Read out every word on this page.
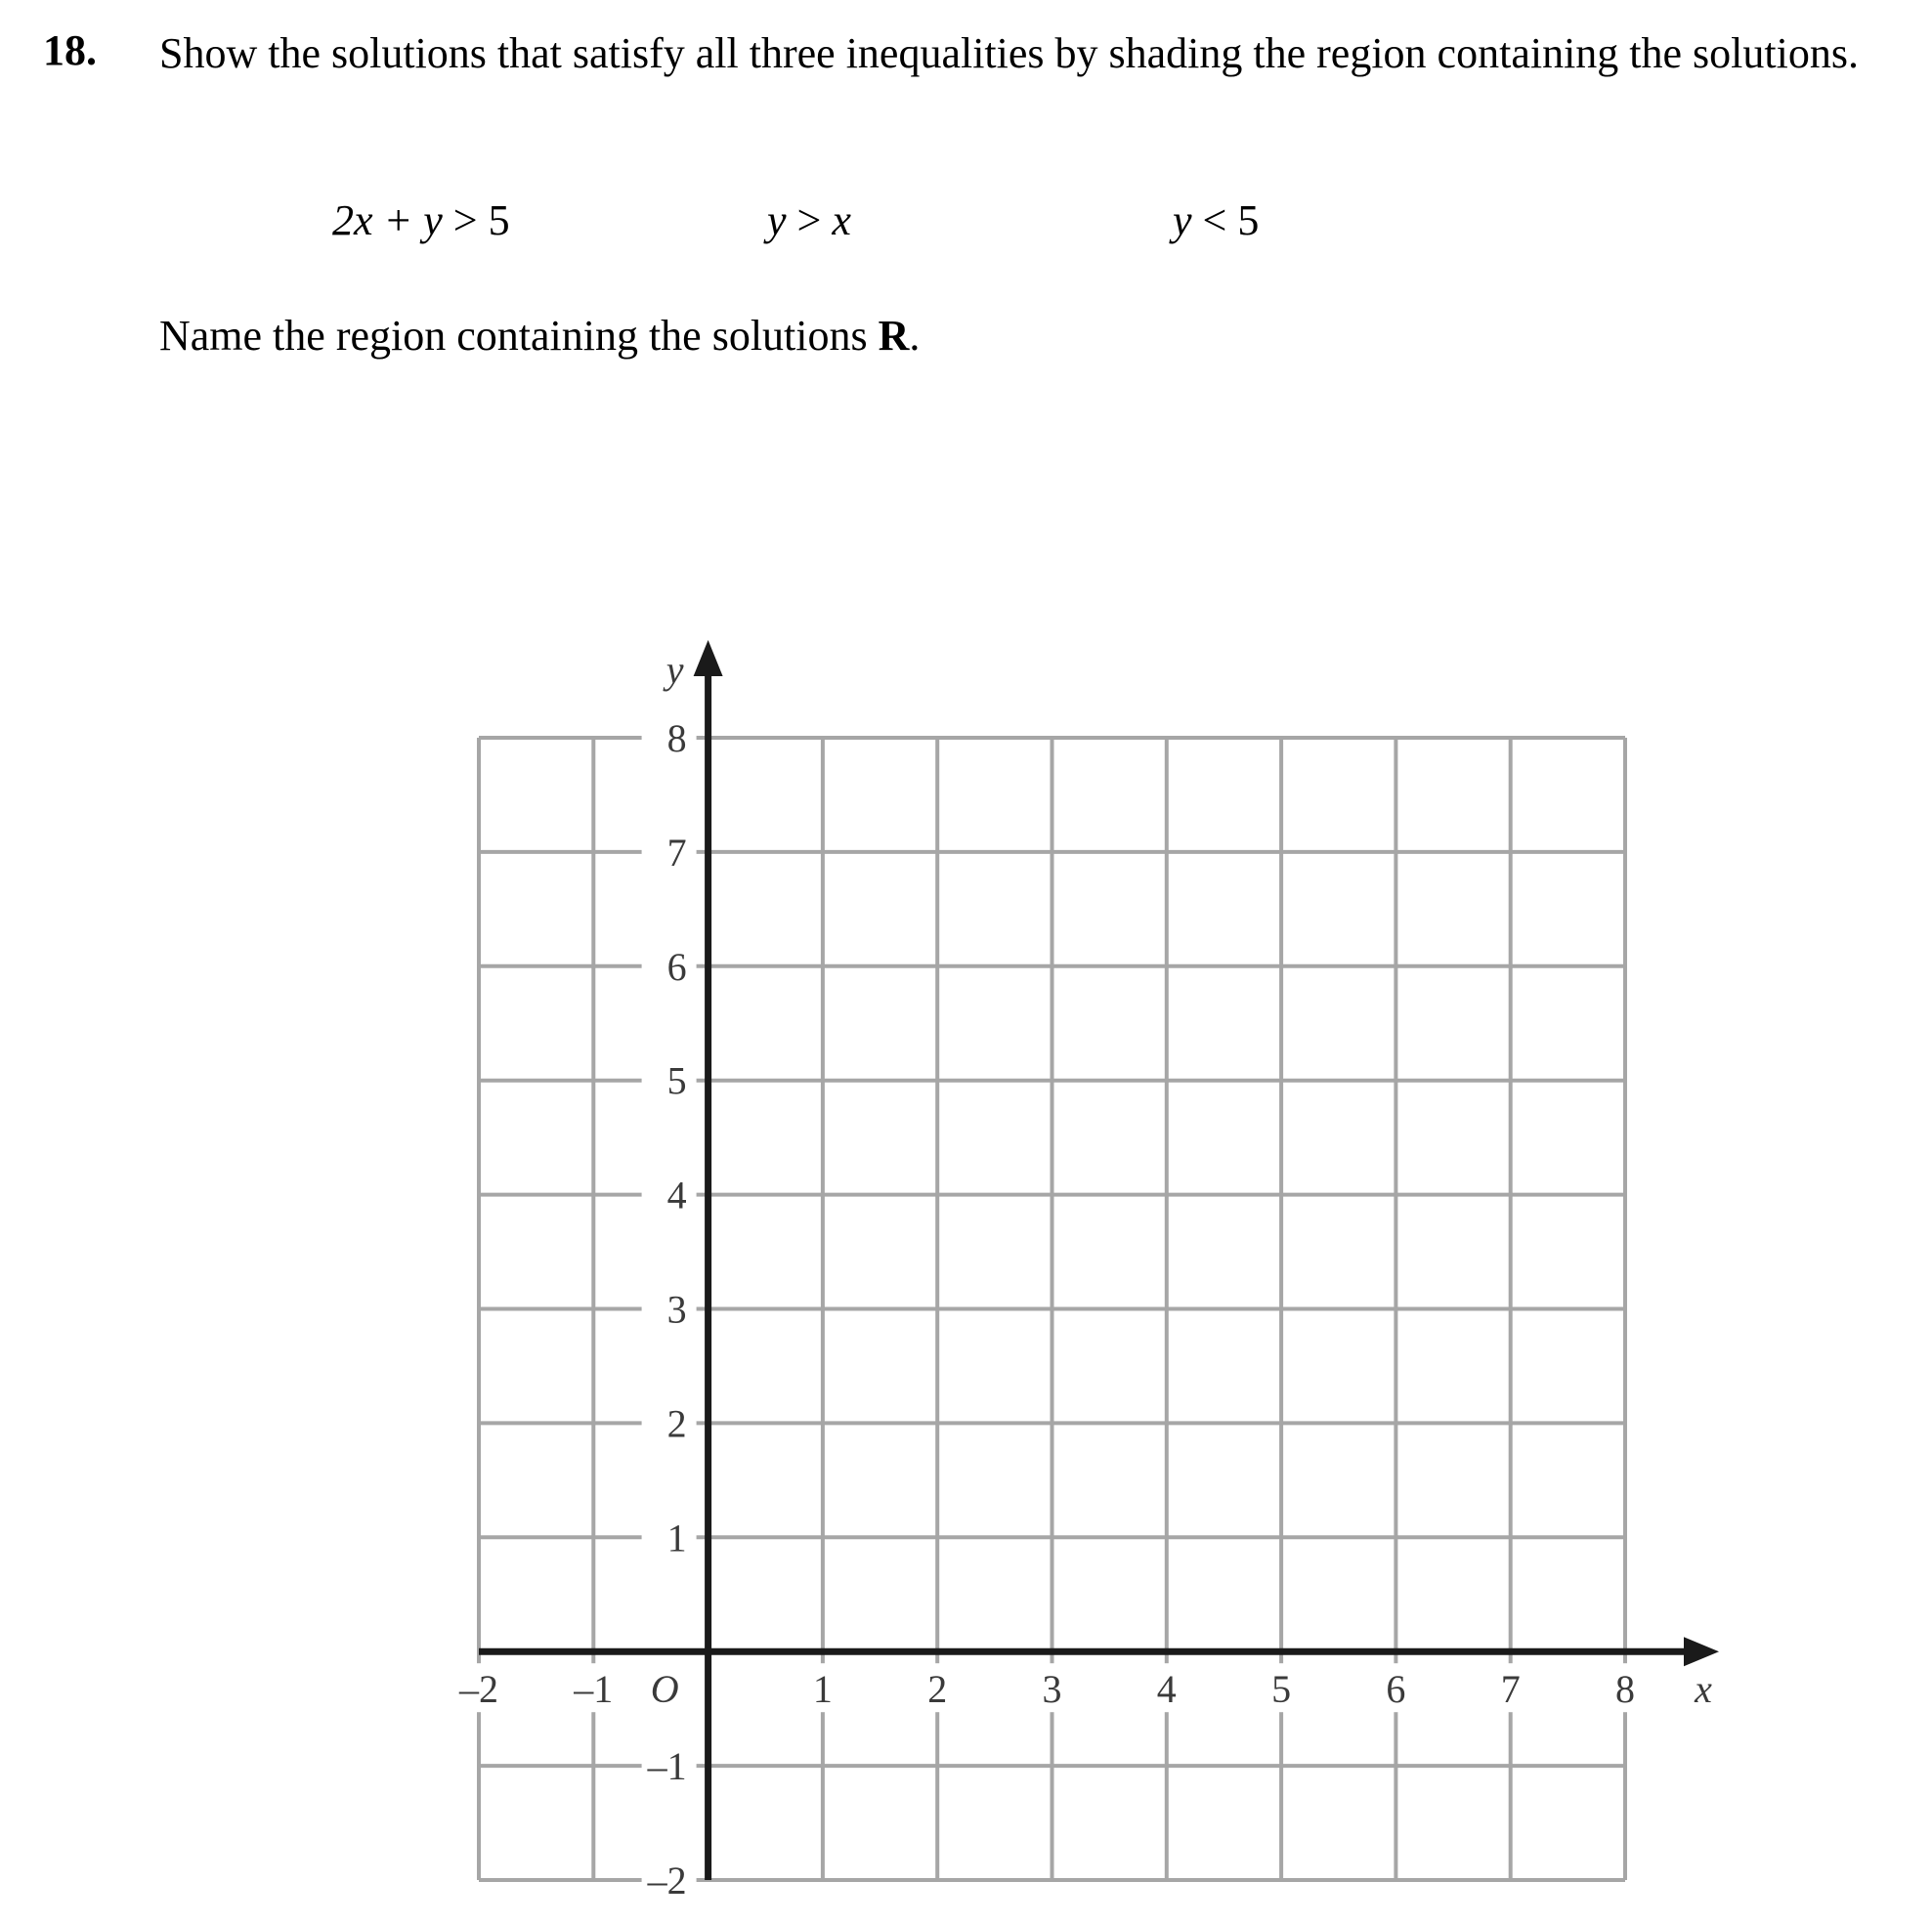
18. Show the solutions that satisfy all three inequalities by shading the region containing the solutions.
2x + y > 5	y > x	y < 5
Name the region containing the solutions R.
–2 –1	1 2 3 4 5 6 7 8
8
7
6
5
4
3
2
1
–1
–2
O	x
y
